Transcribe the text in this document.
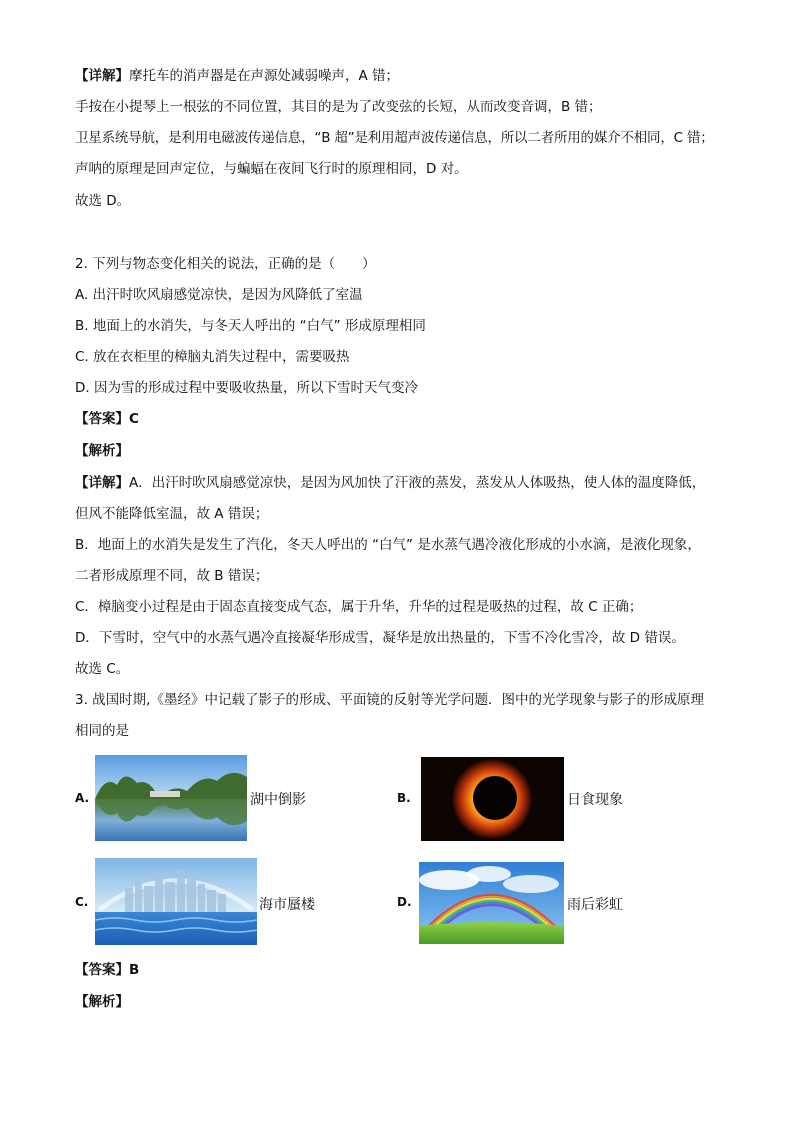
【详解】摩托车的消声器是在声源处减弱噪声，A 错；
手按在小提琴上一根弦的不同位置，其目的是为了改变弦的长短，从而改变音调，B 错；
卫星系统导航，是利用电磁波传递信息，“B 超”是利用超声波传递信息，所以二者所用的媒介不相同，C 错；
声呐的原理是回声定位，与蝙蝠在夜间飞行时的原理相同，D 对。
故选 D。
2. 下列与物态变化相关的说法，正确的是（　　）
A. 出汗时吹风扇感觉凉快，是因为风降低了室温
B. 地面上的水消失，与冬天人呼出的 “白气” 形成原理相同
C. 放在衣柜里的樟脑丸消失过程中，需要吸热
D. 因为雪的形成过程中要吸收热量，所以下雪时天气变冷
【答案】C
【解析】
【详解】A．出汗时吹风扇感觉凉快，是因为风加快了汗液的蒸发，蒸发从人体吸热，使人体的温度降低，
但风不能降低室温，故 A 错误；
B．地面上的水消失是发生了汽化，冬天人呼出的 “白气” 是水蒸气遇冷液化形成的小水滴，是液化现象，
二者形成原理不同，故 B 错误；
C．樟脑变小过程是由于固态直接变成气态，属于升华，升华的过程是吸热的过程，故 C 正确；
D．下雪时，空气中的水蒸气遇冷直接凝华形成雪，凝华是放出热量的，下雪不冷化雪冷，故 D 错误。
故选 C。
3. 战国时期,《墨经》中记载了影子的形成、平面镜的反射等光学问题．图中的光学现象与影子的形成原理
相同的是
A.	湖中倒影	B.	日食现象
C.	海市蜃楼	D.	雨后彩虹
【答案】B
【解析】
